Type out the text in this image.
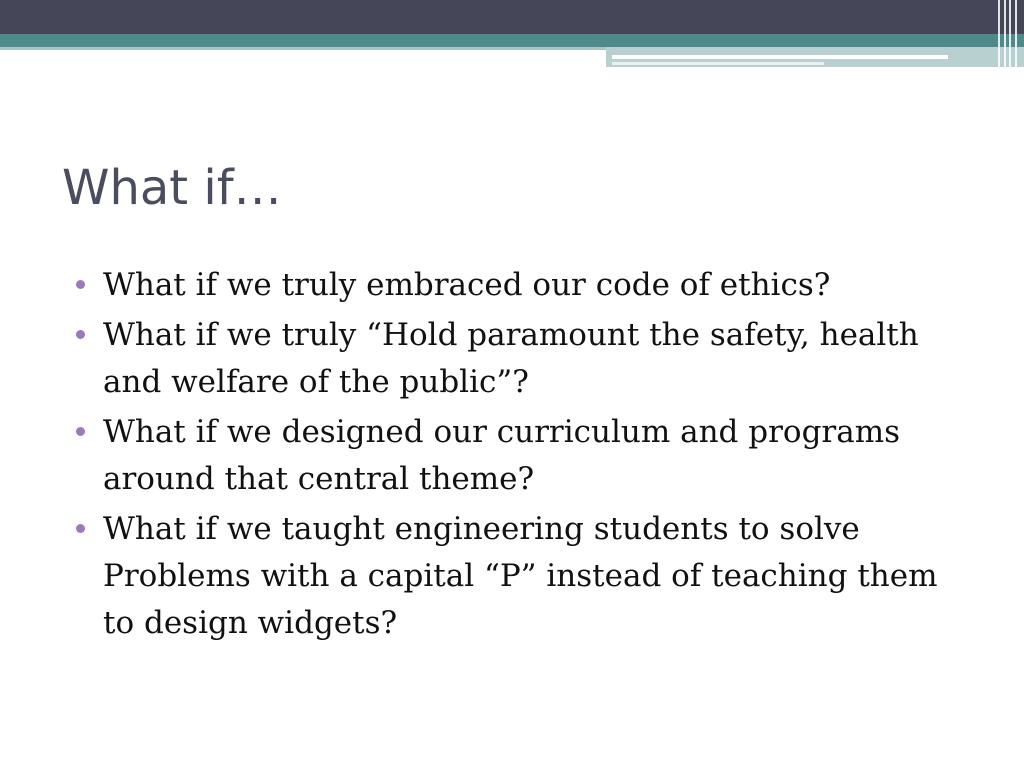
What if…
What if we truly embraced our code of ethics?
What if we truly “Hold paramount the safety, health and welfare of the public”?
What if we designed our curriculum and programs around that central theme?
What if we taught engineering students to solve Problems with a capital “P” instead of teaching them to design widgets?
